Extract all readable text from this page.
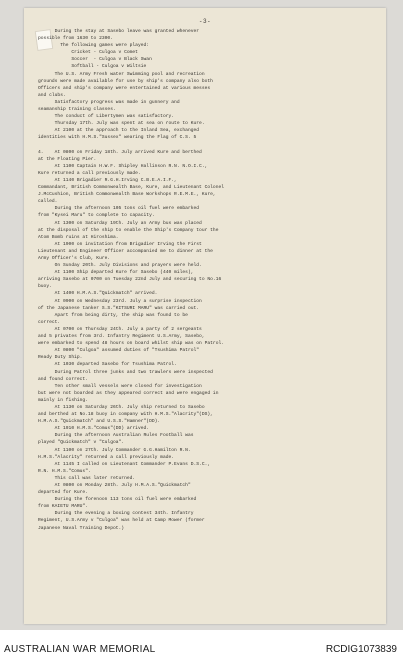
-3-
During the stay at Sasebo leave was granted whenever
possible from 1630 to 2300.
The following games were played:
Cricket - Culgoa v Comet
Soccer  - Culgoa v Black Swan
Softball - Culgoa v Wiltsie
The U.S. Army Fresh water Swimming pool and recreation
grounds were made available for use by ship's company also both
Officers and ship's company were entertained at various messes
and clubs.
Satisfactory progress was made in gunnery and
seamanship training classes.
The conduct of Libertymen was satisfactory.
Thursday 17th. July was spent at sea on route to Kure.
At 2100 at the approach to the Inland Sea, exchanged
identities with H.M.S."Sussex" wearing the Flag of C.S. 5
4.    At 0800 on Friday 18th. July arrived Kure and berthed
at the Floating Pier.
At 1100 Captain H.W.F. Shipley Hallinson R.N. N.O.I.C.,
Kure returned a call previously made.
At 1140 Brigadier R.G.H.Irving C.B.E.A.I.F.,
Commandant, British Commonwealth Base, Kure, and Lieutenant Colonel
J.McCushion, British Commonwealth Base Workshops R.E.M.E., Kure,
called.
During the afternoon 105 tons oil fuel were embarked
from "Kysei Maru" to complete to capacity.
At 1300 on Saturday 19th. July an Army bus was placed
at the disposal of the ship to enable the Ship's Company tour the
Atom Bomb ruins at Hiroshima.
At 1900 on invitation from Brigadier Irving the First
Lieutenant and Engineer Officer accompanied me to dinner at the
Army Officer's Club, Kure.
On Sunday 20th. July Divisions and prayers were held.
At 1100 Ship departed Kure for Sasebo (440 miles),
arriving Sasebo at 0700 on Tuesday 22nd July and securing to No.16
buoy.
At 1400 H.M.A.S."Quickmatch" arrived.
At 0900 on Wednesday 23rd. July a surprise inspection
of the Japanese tanker S.S."KITSURI MARU" was carried out.
Apart from being dirty, the ship was found to be
correct.
At 0700 on Thursday 24th. July a party of 2 sergeants
and 5 privates from 3rd. Infantry Regiment U.S.Army, Sasebo,
were embarked to spend 48 hours on board whilst ship was on Patrol.
At 0800 "Culgoa" assumed duties of "Tsushima Patrol"
Ready Duty Ship.
At 1030 departed Sasebo for Tsushima Patrol.
During Patrol three junks and two trawlers were inspected
and found correct.
Ten other small vessels were closed for investigation
but were not boarded as they appeared correct and were engaged in
mainly in fishing.
At 1130 on Saturday 26th. July ship returned to Sasebo
and berthed at No.18 buoy in company with H.M.S."Alacrity"(DS),
H.M.A.S."Quickmatch" and U.S.S."Hamner"(DD).
At 1910 H.M.S."Comus"(DD) arrived.
During the afternoon Australian Rules Football was
played "Quickmatch" v "Culgoa".
At 1100 on 27th. July Commander G.G.Hamilton R.N.
H.M.S."Alacrity" returned a call previously made.
At 1145 I called on Lieutenant Commander P.Evans D.S.C.,
R.N. H.M.S."Comus".
This call was later returned.
At 0800 on Monday 28th. July H.M.A.S."Quickmatch"
departed for Kure.
During the forenoon 113 tons oil fuel were embarked
from KAIETU MARU".
During the evening a boxing contest 34th. Infantry
Regiment, U.S.Army v "Culgoa" was held at Camp Mower (former
Japanese Naval Training Depot.)
AUSTRALIAN WAR MEMORIAL	RCDIG1073839
